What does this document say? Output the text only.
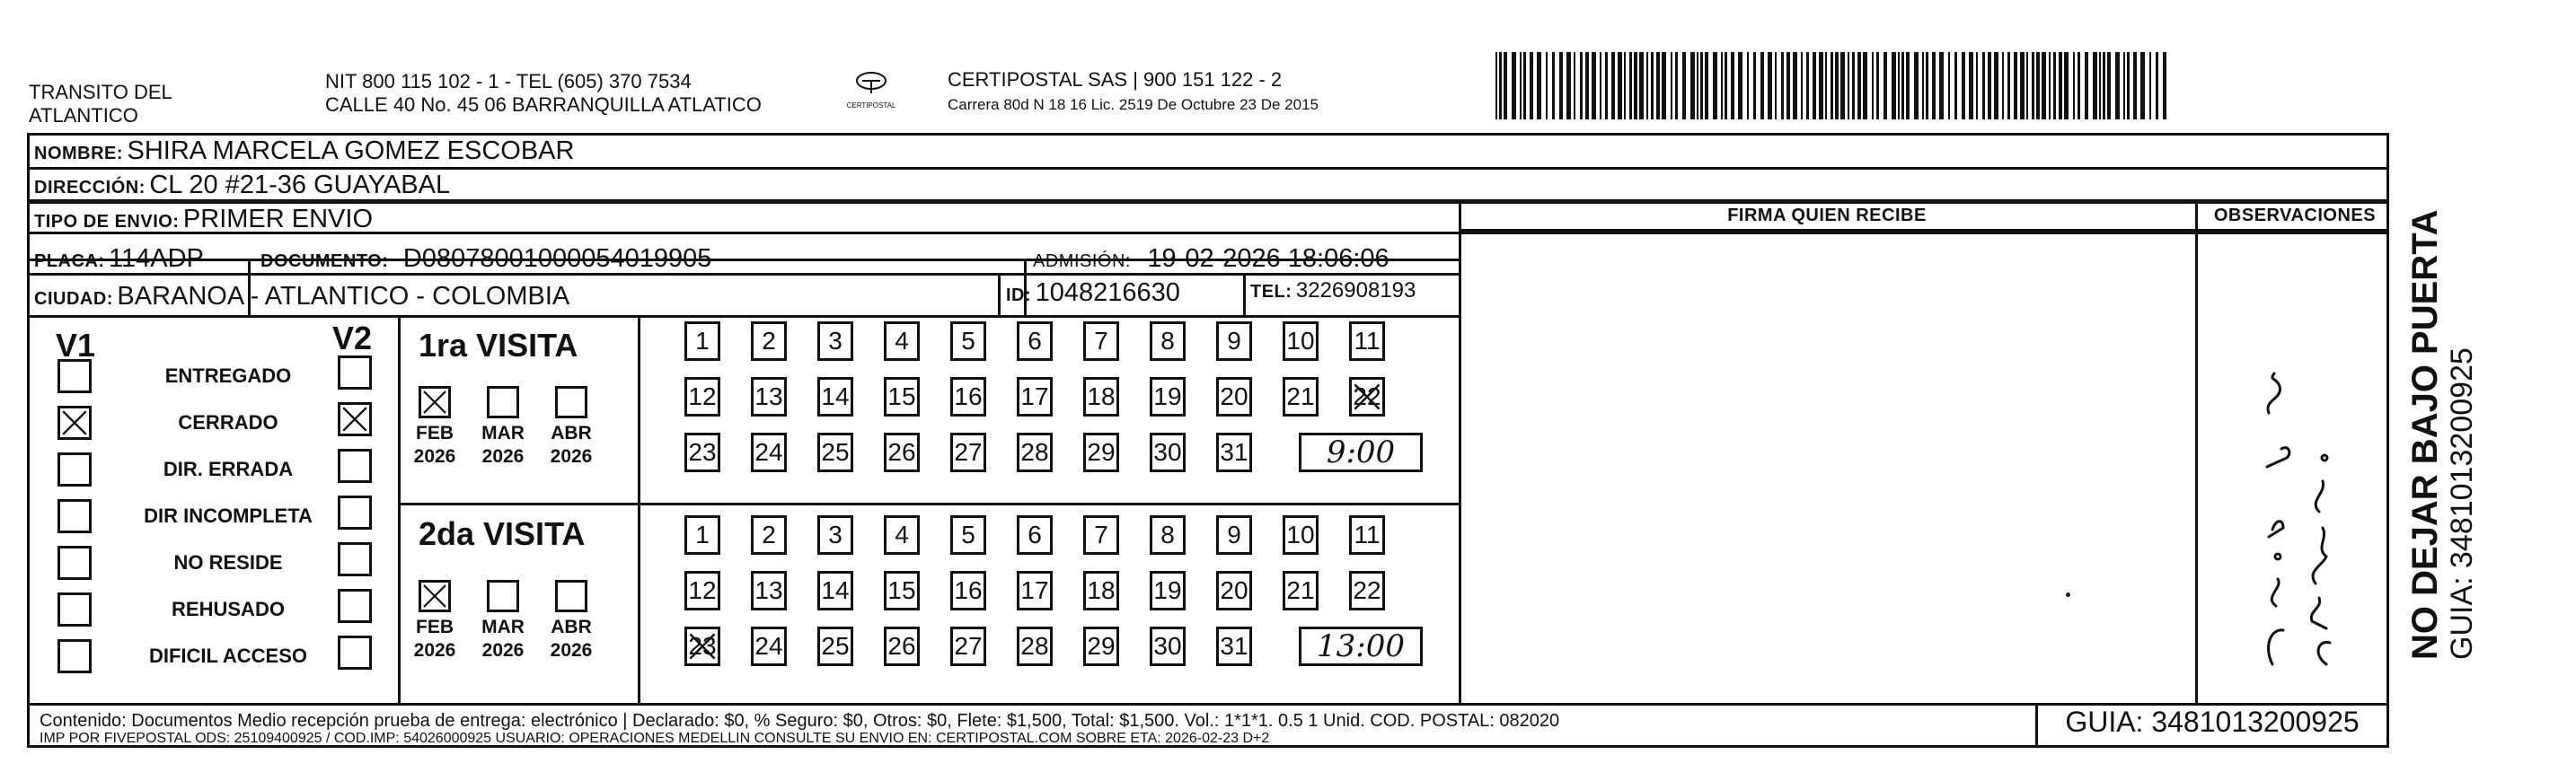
TRANSITO DEL
ATLANTICO
NIT 800 115 102 - 1 - TEL (605) 370 7534
CALLE 40 No. 45 06 BARRANQUILLA ATLATICO	CERTIPOSTAL
CERTIPOSTAL SAS | 900 151 122 - 2
Carrera 80d N 18 16 Lic. 2519 De Octubre 23 De 2015
NOMBRE: SHIRA MARCELA GOMEZ ESCOBAR
DIRECCIÓN: CL 20 #21-36 GUAYABAL
TIPO DE ENVIO: PRIMER ENVIO
PLACA: 114ADP	DOCUMENTO: D08078001000054019905	ADMISIÓN: 19-02-2026 18:06:06
CIUDAD: BARANOA - ATLANTICO - COLOMBIA	ID: 1048216630	TEL: 3226908193
FIRMA QUIEN RECIBE	OBSERVACIONES
V1	V2
ENTREGADO
CERRADO
DIR. ERRADA
DIR INCOMPLETA
NO RESIDE
REHUSADO
DIFICIL ACCESO
1ra VISITA
2da VISITA
FEB
2026
MAR
2026
ABR
2026
FEB
2026
MAR
2026
ABR
2026
1	2	3	4	5	6	7	8	9	10 11
12 13 14 15 16 17 18 19 20 21 22
23 24 25 26 27 28 29 30 31	9:00
1	2	3	4	5	6	7	8	9	10 11
12 13 14 15 16 17 18 19 20 21 22
23 24 25 26 27 28 29 30 31	13:00	NO DEJAR BAJO PUERTA GUIA: 3481013200925
Contenido: Documentos Medio recepción prueba de entrega: electrónico | Declarado: $0, % Seguro: $0, Otros: $0, Flete: $1,500, Total: $1,500. Vol.: 1*1*1. 0.5 1 Unid. COD. POSTAL: 082020
IMP POR FIVEPOSTAL ODS: 25109400925 / COD.IMP: 54026000925 USUARIO: OPERACIONES MEDELLIN CONSULTE SU ENVIO EN: CERTIPOSTAL.COM SOBRE ETA: 2026-02-23 D+2
GUIA: 3481013200925
